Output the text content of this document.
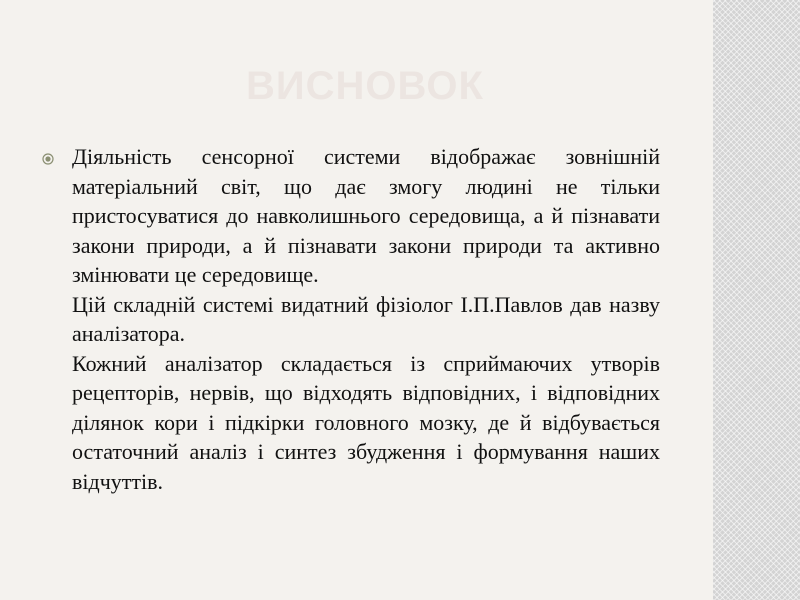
ВИСНОВОК

Діяльність сенсорної системи відображає зовнішній матеріальний світ, що дає змогу людині не тільки пристосуватися до навколишнього середовища, а й пізнавати закони природи, а й пізнавати закони природи та активно змінювати це середовище.

Цій складній системі видатний фізіолог І.П.Павлов дав назву аналізатора.

Кожний аналізатор складається із сприймаючих утворів рецепторів, нервів, що відходять відповідних, і відповідних ділянок кори і підкірки головного мозку, де й відбувається остаточний аналіз і синтез збудження і формування наших відчуттів.
